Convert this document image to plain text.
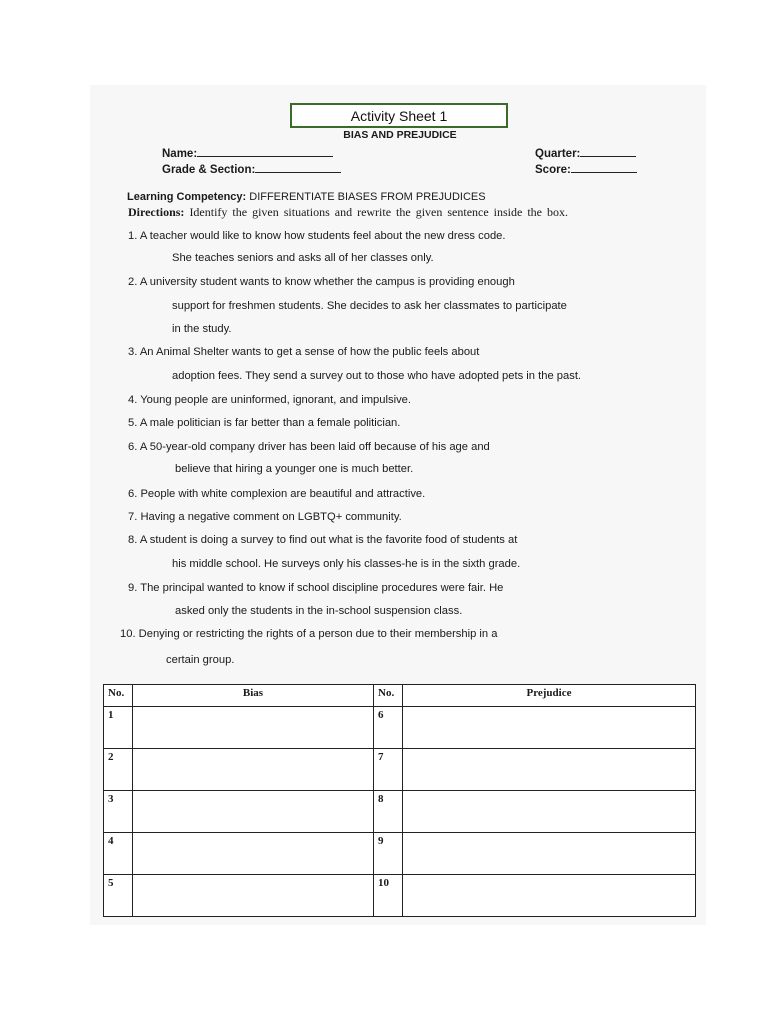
Activity Sheet 1
BIAS AND PREJUDICE
Name:
Grade & Section:
Quarter:
Score:
Learning Competency: DIFFERENTIATE BIASES FROM PREJUDICES
Directions: Identify the given situations and rewrite the given sentence inside the box.
1. A teacher would like to know how students feel about the new dress code.
She teaches seniors and asks all of her classes only.
2. A university student wants to know whether the campus is providing enough
support for freshmen students. She decides to ask her classmates to participate
in the study.
3. An Animal Shelter wants to get a sense of how the public feels about
adoption fees. They send a survey out to those who have adopted pets in the past.
4. Young people are uninformed, ignorant, and impulsive.
5. A male politician is far better than a female politician.
6. A 50-year-old company driver has been laid off because of his age and
believe that hiring a younger one is much better.
6. People with white complexion are beautiful and attractive.
7. Having a negative comment on LGBTQ+ community.
8. A student is doing a survey to find out what is the favorite food of students at
his middle school. He surveys only his classes-he is in the sixth grade.
9. The principal wanted to know if school discipline procedures were fair. He
asked only the students in the in-school suspension class.
10. Denying or restricting the rights of a person due to their membership in a
certain group.
No.	Bias	No.	Prejudice
1		6	
2		7	
3		8	
4		9	
5		10	
